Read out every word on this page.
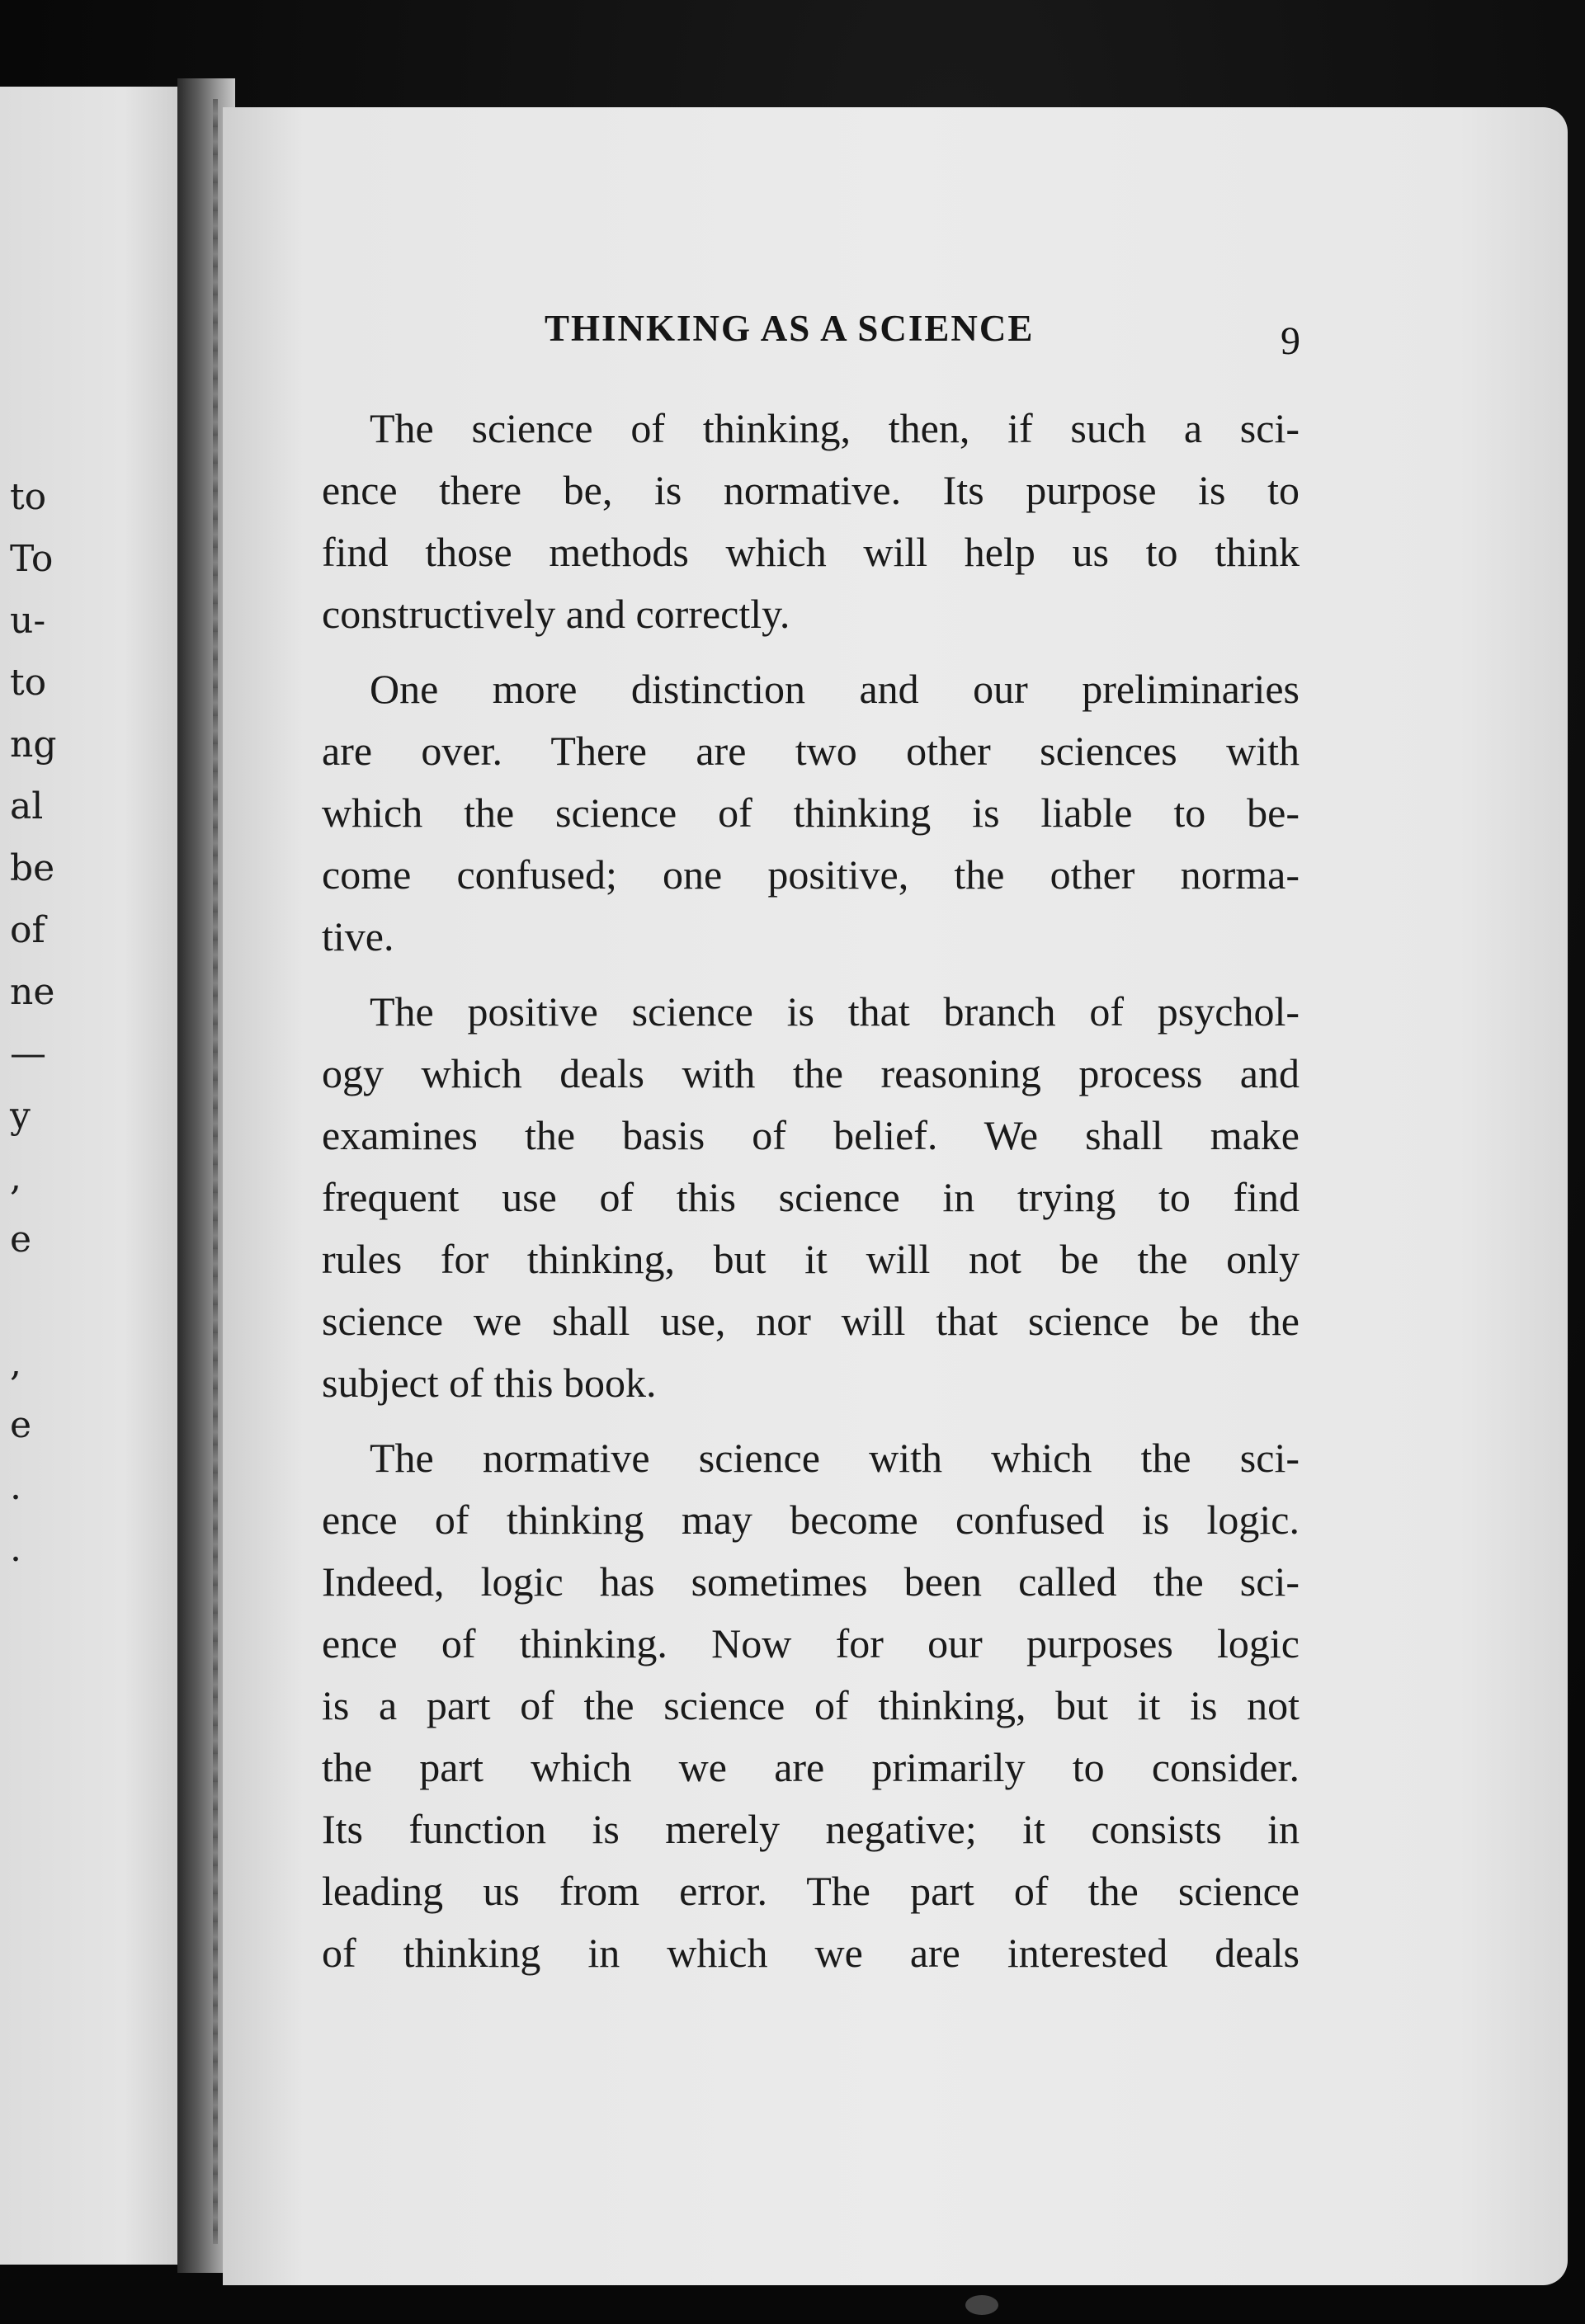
to
To
u-
to
ng
al
be
of
ne
—
y
,
e
,
e
.
.
THINKING AS A SCIENCE	9
The science of thinking, then, if such a sci-
ence there be, is normative. Its purpose is to
find those methods which will help us to think
constructively and correctly.
One more distinction and our preliminaries
are over. There are two other sciences with
which the science of thinking is liable to be-
come confused; one positive, the other norma-
tive.
The positive science is that branch of psychol-
ogy which deals with the reasoning process and
examines the basis of belief. We shall make
frequent use of this science in trying to find
rules for thinking, but it will not be the only
science we shall use, nor will that science be the
subject of this book.
The normative science with which the sci-
ence of thinking may become confused is logic.
Indeed, logic has sometimes been called the sci-
ence of thinking. Now for our purposes logic
is a part of the science of thinking, but it is not
the part which we are primarily to consider.
Its function is merely negative; it consists in
leading us from error. The part of the science
of thinking in which we are interested deals
